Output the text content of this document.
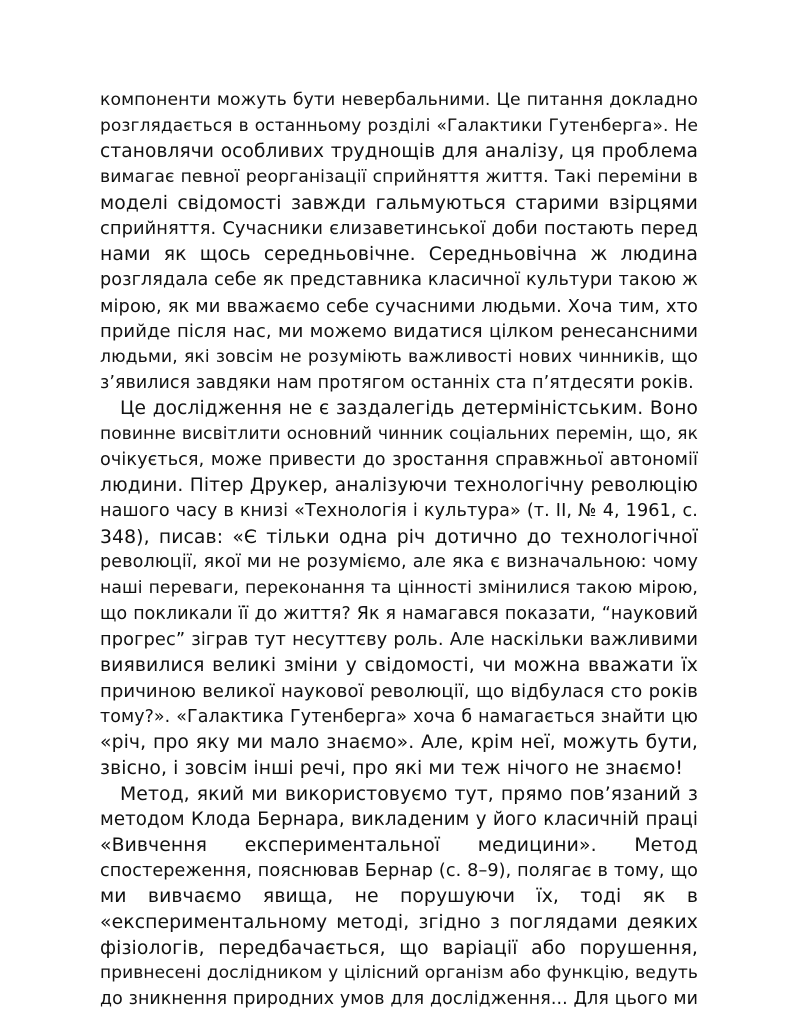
компоненти можуть бути невербальними. Це питання докладно
розглядається в останньому розділі «Галактики Гутенберга». Не
становлячи особливих труднощів для аналізу, ця проблема
вимагає певної реорганізації сприйняття життя. Такі переміни в
моделі свідомості завжди гальмуються старими взірцями
сприйняття. Сучасники єлизаветинської доби постають перед
нами як щось середньовічне. Середньовічна ж людина
розглядала себе як представника класичної культури такою ж
мірою, як ми вважаємо себе сучасними людьми. Хоча тим, хто
прийде після нас, ми можемо видатися цілком ренесансними
людьми, які зовсім не розуміють важливості нових чинників, що
з’явилися завдяки нам протягом останніх ста п’ятдесяти років.
Це дослідження не є заздалегідь детерміністським. Воно
повинне висвітлити основний чинник соціальних перемін, що, як
очікується, може привести до зростання справжньої автономії
людини. Пітер Друкер, аналізуючи технологічну революцію
нашого часу в книзі «Технологія і культура» (т. II, № 4, 1961, с.
348), писав: «Є тільки одна річ дотично до технологічної
революції, якої ми не розуміємо, але яка є визначальною: чому
наші переваги, переконання та цінності змінилися такою мірою,
що покликали її до життя? Як я намагався показати, “науковий
прогрес” зіграв тут несуттєву роль. Але наскільки важливими
виявилися великі зміни у свідомості, чи можна вважати їх
причиною великої наукової революції, що відбулася сто років
тому?». «Галактика Гутенберга» хоча б намагається знайти цю
«річ, про яку ми мало знаємо». Але, крім неї, можуть бути,
звісно, і зовсім інші речі, про які ми теж нічого не знаємо!
Метод, який ми використовуємо тут, прямо пов’язаний з
методом Клода Бернара, викладеним у його класичній праці
«Вивчення експериментальної медицини». Метод
спостереження, пояснював Бернар (с. 8–9), полягає в тому, що
ми вивчаємо явища, не порушуючи їх, тоді як в
«експериментальному методі, згідно з поглядами деяких
фізіологів, передбачається, що варіації або порушення,
привнесені дослідником у цілісний організм або функцію, ведуть
до зникнення природних умов для дослідження... Для цього ми
